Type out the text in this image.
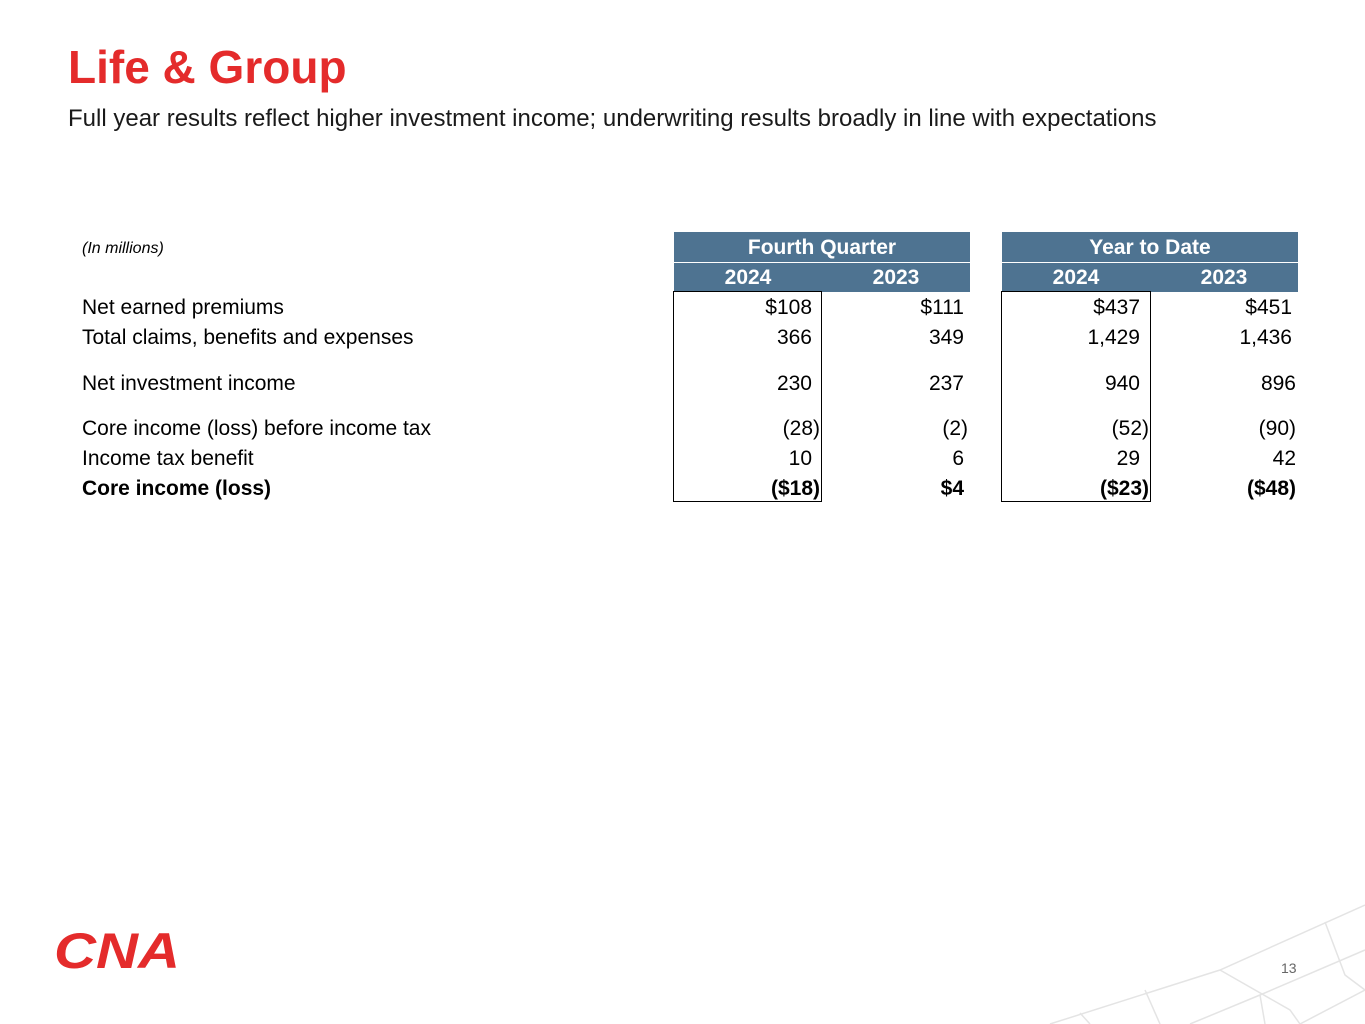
Life & Group
Full year results reflect higher investment income; underwriting results broadly in line with expectations
(In millions)	Fourth Quarter	Year to Date
2024	2023	2024	2023
Net earned premiums	$108	$111	$437	$451
Total claims, benefits and expenses	366	349	1,429	1,436
Net investment income	230	237	940	896
Core income (loss) before income tax	(28)	(2)	(52)	(90)
Income tax benefit	10	6	29	42
Core income (loss)	($18)	$4	($23)	($48)
CNA	13
